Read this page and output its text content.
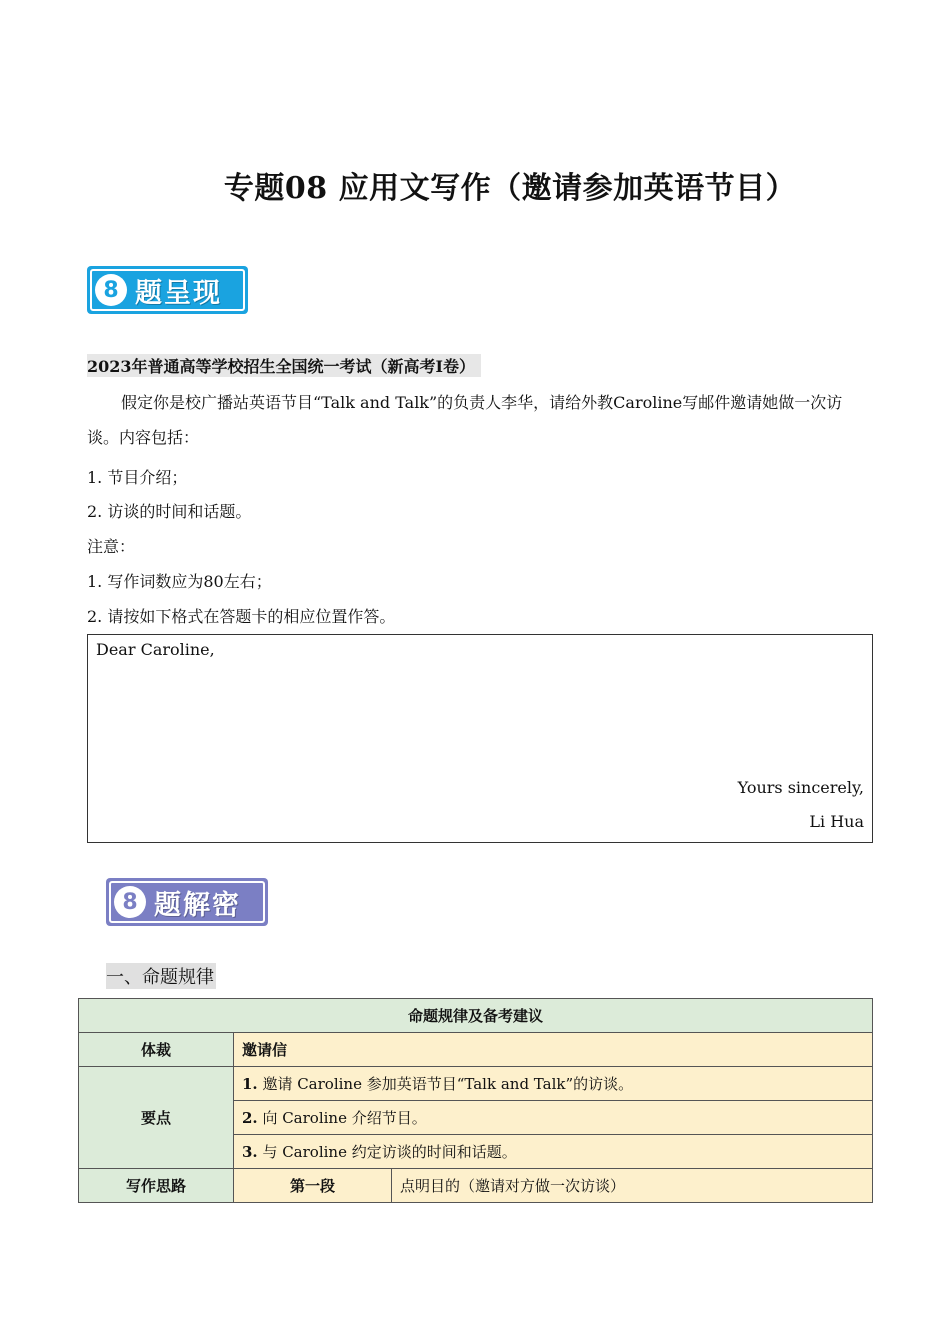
专题08 应用文写作（邀请参加英语节目）
8 题呈现
2023年普通高等学校招生全国统一考试（新高考Ⅰ卷）
假定你是校广播站英语节目“Talk and Talk”的负责人李华，请给外教Caroline写邮件邀请她做一次访谈。内容包括：
1. 节目介绍；
2. 访谈的时间和话题。
注意：
1. 写作词数应为80左右；
2. 请按如下格式在答题卡的相应位置作答。
Dear Caroline,
Yours sincerely,
Li Hua
8 题解密
一、命题规律
命题规律及备考建议		
体裁	邀请信	
要点	1. 邀请 Caroline 参加英语节目“Talk and Talk”的访谈。	
	2. 向 Caroline 介绍节目。	
	3. 与 Caroline 约定访谈的时间和话题。	
写作思路	第一段	点明目的（邀请对方做一次访谈）
